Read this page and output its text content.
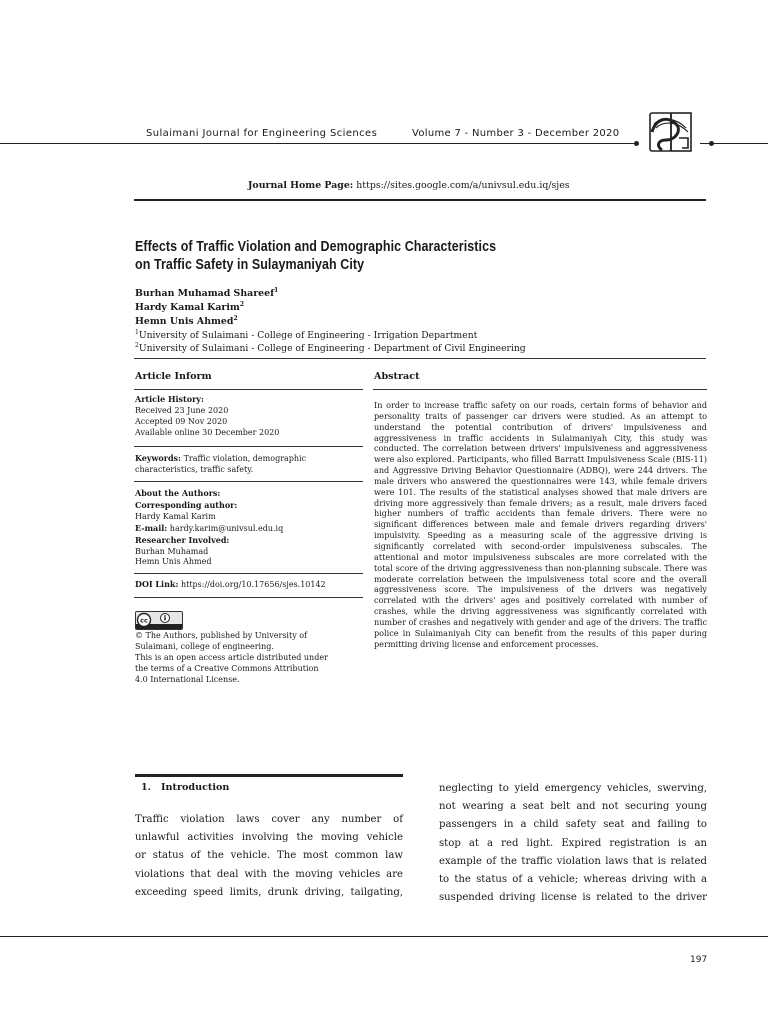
Sulaimani Journal for Engineering Sciences	Volume 7 - Number 3 - December 2020
Journal Home Page: https://sites.google.com/a/univsul.edu.iq/sjes
Effects of Traffic Violation and Demographic Characteristics
on Traffic Safety in Sulaymaniyah City
Burhan Muhamad Shareef$^1$
Hardy Kamal Karim$^2$
Hemn Unis Ahmed$^2$
$^1$University of Sulaimani - College of Engineering - Irrigation Department
$^2$University of Sulaimani - College of Engineering - Department of Civil Engineering
Article Inform
Article History:
Received 23 June 2020
Accepted 09 Nov 2020
Available online 30 December 2020
Keywords: Traffic violation, demographic
characteristics, traffic safety.
About the Authors:
Corresponding author:
Hardy Kamal Karim
E-mail: hardy.karim@univsul.edu.iq
Researcher Involved:
Burhan Muhamad
Hemn Unis Ahmed
DOI Link: https://doi.org/10.17656/sjes.10142
cc
© The Authors, published by University of
Sulaimani, college of engineering.
This is an open access article distributed under
the terms of a Creative Commons Attribution
4.0 International License.
Abstract
In order to increase traffic safety on our roads, certain forms of behavior and personality traits of passenger car drivers were studied. As an attempt to understand the potential contribution of drivers' impulsiveness and aggressiveness in traffic accidents in Sulaimaniyah City, this study was conducted. The correlation between drivers' impulsiveness and aggressiveness were also explored. Participants, who filled Barratt Impulsiveness Scale (BIS-11) and Aggressive Driving Behavior Questionnaire (ADBQ), were 244 drivers. The male drivers who answered the questionnaires were 143, while female drivers were 101. The results of the statistical analyses showed that male drivers are driving more aggressively than female drivers; as a result, male drivers faced higher numbers of traffic accidents than female drivers. There were no significant differences between male and female drivers regarding drivers' impulsivity. Speeding as a measuring scale of the aggressive driving is significantly correlated with second-order impulsiveness subscales. The attentional and motor impulsiveness subscales are more correlated with the total score of the driving aggressiveness than non-planning subscale. There was moderate correlation between the impulsiveness total score and the overall aggressiveness score. The impulsiveness of the drivers was negatively correlated with the drivers' ages and positively correlated with number of crashes, while the driving aggressiveness was significantly correlated with number of crashes and negatively with gender and age of the drivers. The traffic police in Sulaimaniyah City can benefit from the results of this paper during permitting driving license and enforcement processes.
1. Introduction
Traffic violation laws cover any number of
unlawful activities involving the moving vehicle
or status of the vehicle. The most common law
violations that deal with the moving vehicles are
exceeding speed limits, drunk driving, tailgating,
neglecting to yield emergency vehicles, swerving,
not wearing a seat belt and not securing young
passengers in a child safety seat and failing to
stop at a red light. Expired registration is an
example of the traffic violation laws that is related
to the status of a vehicle; whereas driving with a
suspended driving license is related to the driver
197
